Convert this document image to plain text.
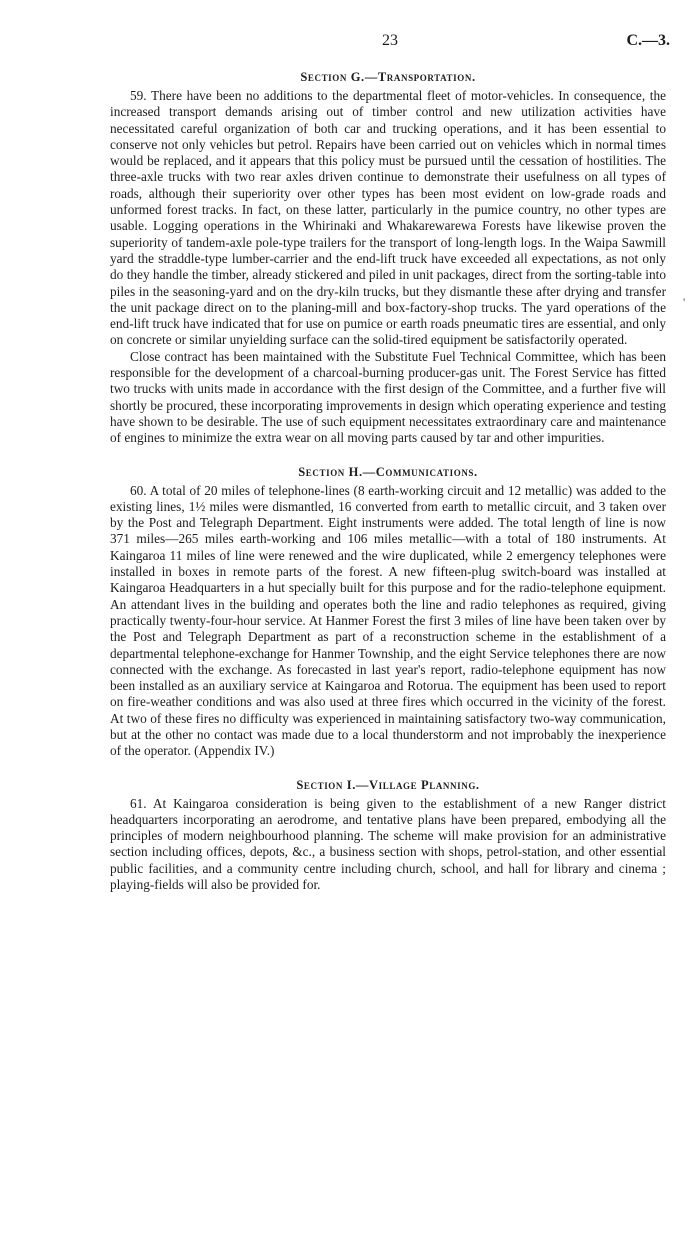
23	C.—3.
Section G.—Transportation.

59. There have been no additions to the departmental fleet of motor-vehicles. In consequence, the increased transport demands arising out of timber control and new utilization activities have necessitated careful organization of both car and trucking operations, and it has been essential to conserve not only vehicles but petrol. Repairs have been carried out on vehicles which in normal times would be replaced, and it appears that this policy must be pursued until the cessation of hostilities. The three-axle trucks with two rear axles driven continue to demonstrate their usefulness on all types of roads, although their superiority over other types has been most evident on low-grade roads and unformed forest tracks. In fact, on these latter, particularly in the pumice country, no other types are usable. Logging operations in the Whirinaki and Whakarewarewa Forests have likewise proven the superiority of tandem-axle pole-type trailers for the transport of long-length logs. In the Waipa Sawmill yard the straddle-type lumber-carrier and the end-lift truck have exceeded all expectations, as not only do they handle the timber, already stickered and piled in unit packages, direct from the sorting-table into piles in the seasoning-yard and on the dry-kiln trucks, but they dismantle these after drying and transfer the unit package direct on to the planing-mill and box-factory-shop trucks. The yard operations of the end-lift truck have indicated that for use on pumice or earth roads pneumatic tires are essential, and only on concrete or similar unyielding surface can the solid-tired equipment be satisfactorily operated.

Close contract has been maintained with the Substitute Fuel Technical Committee, which has been responsible for the development of a charcoal-burning producer-gas unit. The Forest Service has fitted two trucks with units made in accordance with the first design of the Committee, and a further five will shortly be procured, these incorporating improvements in design which operating experience and testing have shown to be desirable. The use of such equipment necessitates extraordinary care and maintenance of engines to minimize the extra wear on all moving parts caused by tar and other impurities.

Section H.—Communications.

60. A total of 20 miles of telephone-lines (8 earth-working circuit and 12 metallic) was added to the existing lines, 1½ miles were dismantled, 16 converted from earth to metallic circuit, and 3 taken over by the Post and Telegraph Department. Eight instruments were added. The total length of line is now 371 miles—265 miles earth-working and 106 miles metallic—with a total of 180 instruments. At Kaingaroa 11 miles of line were renewed and the wire duplicated, while 2 emergency telephones were installed in boxes in remote parts of the forest. A new fifteen-plug switch-board was installed at Kaingaroa Headquarters in a hut specially built for this purpose and for the radio-telephone equipment. An attendant lives in the building and operates both the line and radio telephones as required, giving practically twenty-four-hour service. At Hanmer Forest the first 3 miles of line have been taken over by the Post and Telegraph Department as part of a reconstruction scheme in the establishment of a departmental telephone-exchange for Hanmer Township, and the eight Service telephones there are now connected with the exchange. As forecasted in last year's report, radio-telephone equipment has now been installed as an auxiliary service at Kaingaroa and Rotorua. The equipment has been used to report on fire-weather conditions and was also used at three fires which occurred in the vicinity of the forest. At two of these fires no difficulty was experienced in maintaining satisfactory two-way communication, but at the other no contact was made due to a local thunderstorm and not improbably the inexperience of the operator. (Appendix IV.)

Section I.—Village Planning.

61. At Kaingaroa consideration is being given to the establishment of a new Ranger district headquarters incorporating an aerodrome, and tentative plans have been prepared, embodying all the principles of modern neighbourhood planning. The scheme will make provision for an administrative section including offices, depots, &c., a business section with shops, petrol-station, and other essential public facilities, and a community centre including church, school, and hall for library and cinema ; playing-fields will also be provided for.

'
